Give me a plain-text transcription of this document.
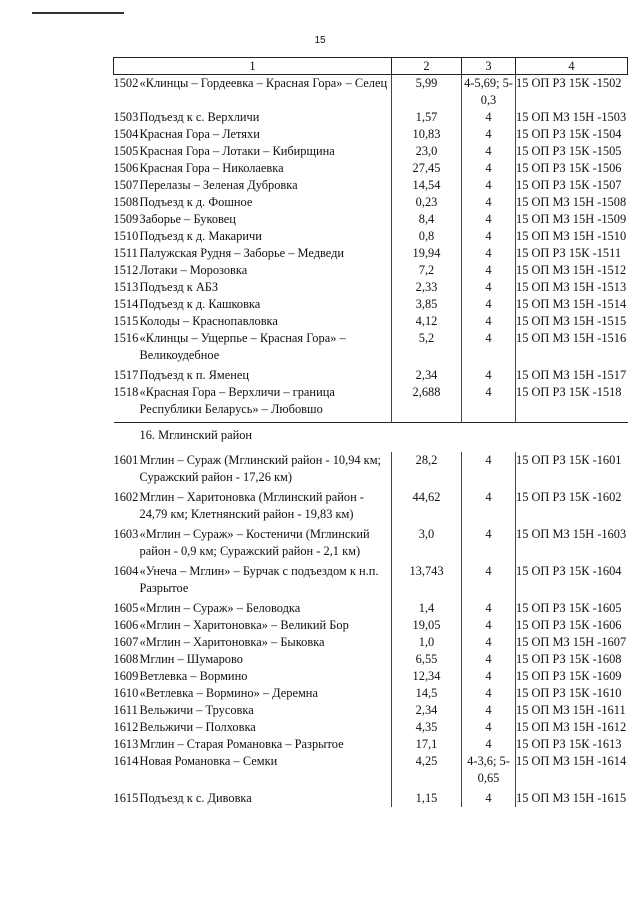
15
1	2	3	4
1502«Клинцы – Гордеевка – Красная Гора» – Селец	5,99	4-5,69; 5-0,3	15 ОП РЗ 15К -1502
1503Подъезд к с. Верхличи	1,57	4	15 ОП МЗ 15Н -1503
1504Красная Гора – Летяхи	10,83	4	15 ОП РЗ 15К -1504
1505Красная Гора – Лотаки – Кибирщина	23,0	4	15 ОП РЗ 15К -1505
1506Красная Гора – Николаевка	27,45	4	15 ОП РЗ 15К -1506
1507Перелазы – Зеленая Дубровка	14,54	4	15 ОП РЗ 15К -1507
1508Подъезд к д. Фошное	0,23	4	15 ОП МЗ 15Н -1508
1509Заборье – Буковец	8,4	4	15 ОП МЗ 15Н -1509
1510Подъезд к д. Макаричи	0,8	4	15 ОП МЗ 15Н -1510
1511 Палужская Рудня – Заборье – Медведи	19,94	4	15 ОП РЗ 15К -1511
1512Лотаки – Морозовка	7,2	4	15 ОП МЗ 15Н -1512
1513Подъезд к АБЗ	2,33	4	15 ОП МЗ 15Н -1513
1514Подъезд к д. Кашковка	3,85	4	15 ОП МЗ 15Н -1514
1515Колоды – Краснопавловка	4,12	4	15 ОП МЗ 15Н -1515
1516«Клинцы – Ущерпье – Красная Гора» – Великоудебное	5,2	4	15 ОП МЗ 15Н -1516
1517Подъезд к п. Яменец	2,34	4	15 ОП МЗ 15Н -1517
1518«Красная Гора – Верхличи – граница Республики Беларусь» – Любовшо	2,688	4	15 ОП РЗ 15К -1518

16. Мглинский район			

1601Мглин – Сураж (Мглинский район - 10,94 км; Суражский район - 17,26 км)	28,2	4	15 ОП РЗ 15К -1601
1602Мглин – Харитоновка (Мглинский район - 24,79 км; Клетнянский район - 19,83 км)	44,62	4	15 ОП РЗ 15К -1602
1603«Мглин – Сураж» – Костеничи (Мглинский район - 0,9 км; Суражский район - 2,1 км)	3,0	4	15 ОП МЗ 15Н -1603
1604«Унеча – Мглин» – Бурчак с подъездом к н.п. Разрытое	13,743	4	15 ОП РЗ 15К -1604
1605«Мглин – Сураж» – Беловодка	1,4	4	15 ОП РЗ 15К -1605
1606«Мглин – Харитоновка» – Великий Бор	19,05	4	15 ОП РЗ 15К -1606
1607«Мглин – Харитоновка» – Быковка	1,0	4	15 ОП МЗ 15Н -1607
1608Мглин – Шумарово	6,55	4	15 ОП РЗ 15К -1608
1609Ветлевка – Вормино	12,34	4	15 ОП РЗ 15К -1609
1610«Ветлевка – Вормино» – Деремна	14,5	4	15 ОП РЗ 15К -1610
1611 Вельжичи – Трусовка	2,34	4	15 ОП МЗ 15Н -1611
1612Вельжичи – Полховка	4,35	4	15 ОП МЗ 15Н -1612
1613Мглин – Старая Романовка – Разрытое	17,1	4	15 ОП РЗ 15К -1613
1614Новая Романовка – Семки	4,25	4-3,6; 5-0,65	15 ОП МЗ 15Н -1614
1615Подъезд к с. Дивовка	1,15	4	15 ОП МЗ 15Н -1615
